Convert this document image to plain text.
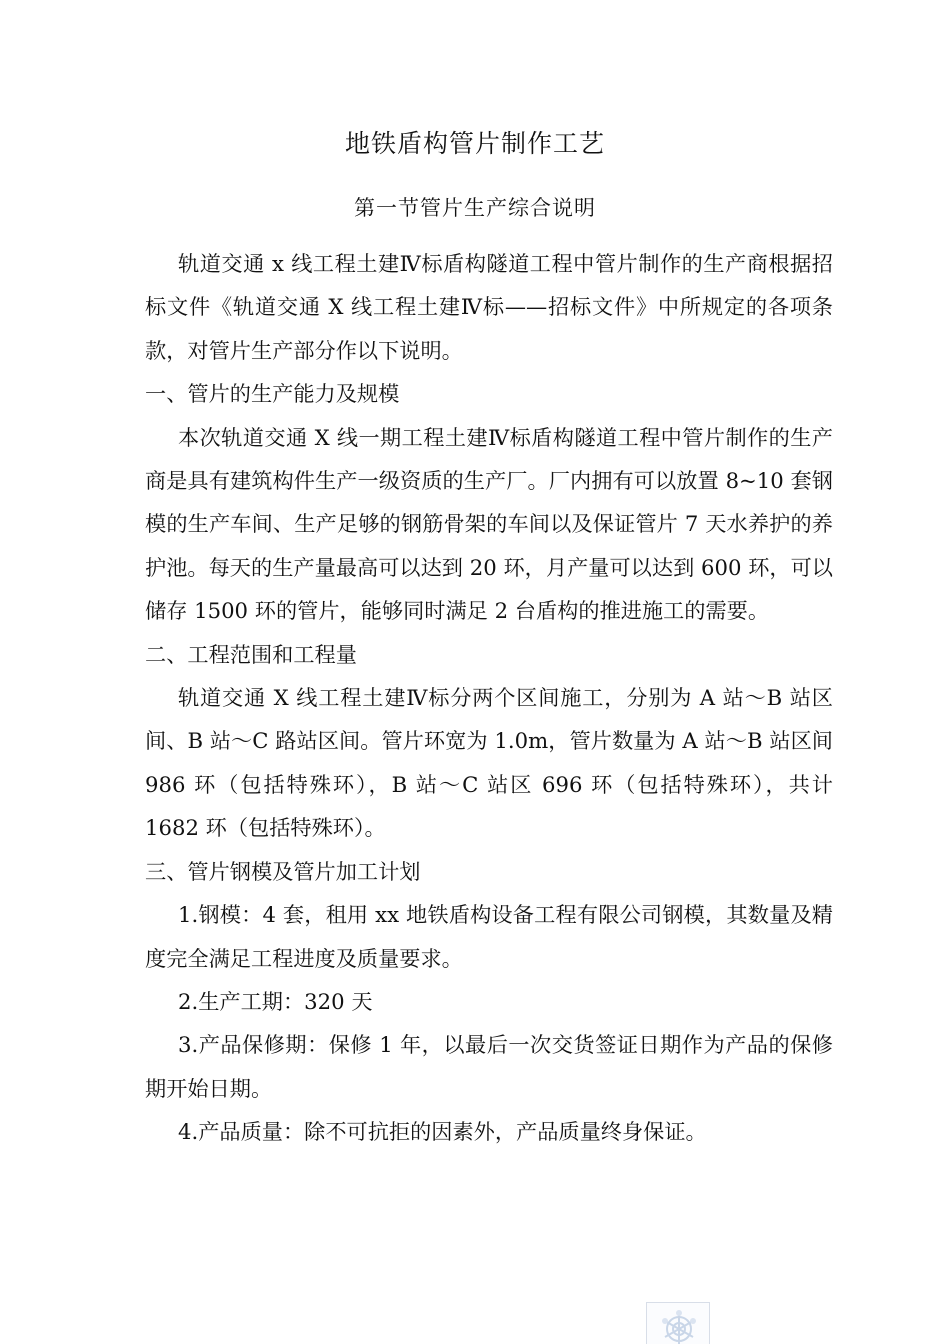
地铁盾构管片制作工艺
第一节管片生产综合说明

轨道交通 x 线工程土建Ⅳ标盾构隧道工程中管片制作的生产商根据招标文件《轨道交通 X 线工程土建Ⅳ标——招标文件》中所规定的各项条款，对管片生产部分作以下说明。

一、管片的生产能力及规模

本次轨道交通 X 线一期工程土建Ⅳ标盾构隧道工程中管片制作的生产商是具有建筑构件生产一级资质的生产厂。厂内拥有可以放置 8~10 套钢模的生产车间、生产足够的钢筋骨架的车间以及保证管片 7 天水养护的养护池。每天的生产量最高可以达到 20 环，月产量可以达到 600 环，可以储存 1500 环的管片，能够同时满足 2 台盾构的推进施工的需要。

二、工程范围和工程量

轨道交通 X 线工程土建Ⅳ标分两个区间施工，分别为 A 站～B 站区间、B 站～C 路站区间。管片环宽为 1.0m，管片数量为 A 站～B 站区间 986 环（包括特殊环），B 站～C 站区 696 环（包括特殊环），共计 1682 环（包括特殊环）。

三、管片钢模及管片加工计划

1.钢模：4 套，租用 xx 地铁盾构设备工程有限公司钢模，其数量及精度完全满足工程进度及质量要求。

2.生产工期：320 天

3.产品保修期：保修 1 年，以最后一次交货签证日期作为产品的保修期开始日期。

4.产品质量：除不可抗拒的因素外，产品质量终身保证。
